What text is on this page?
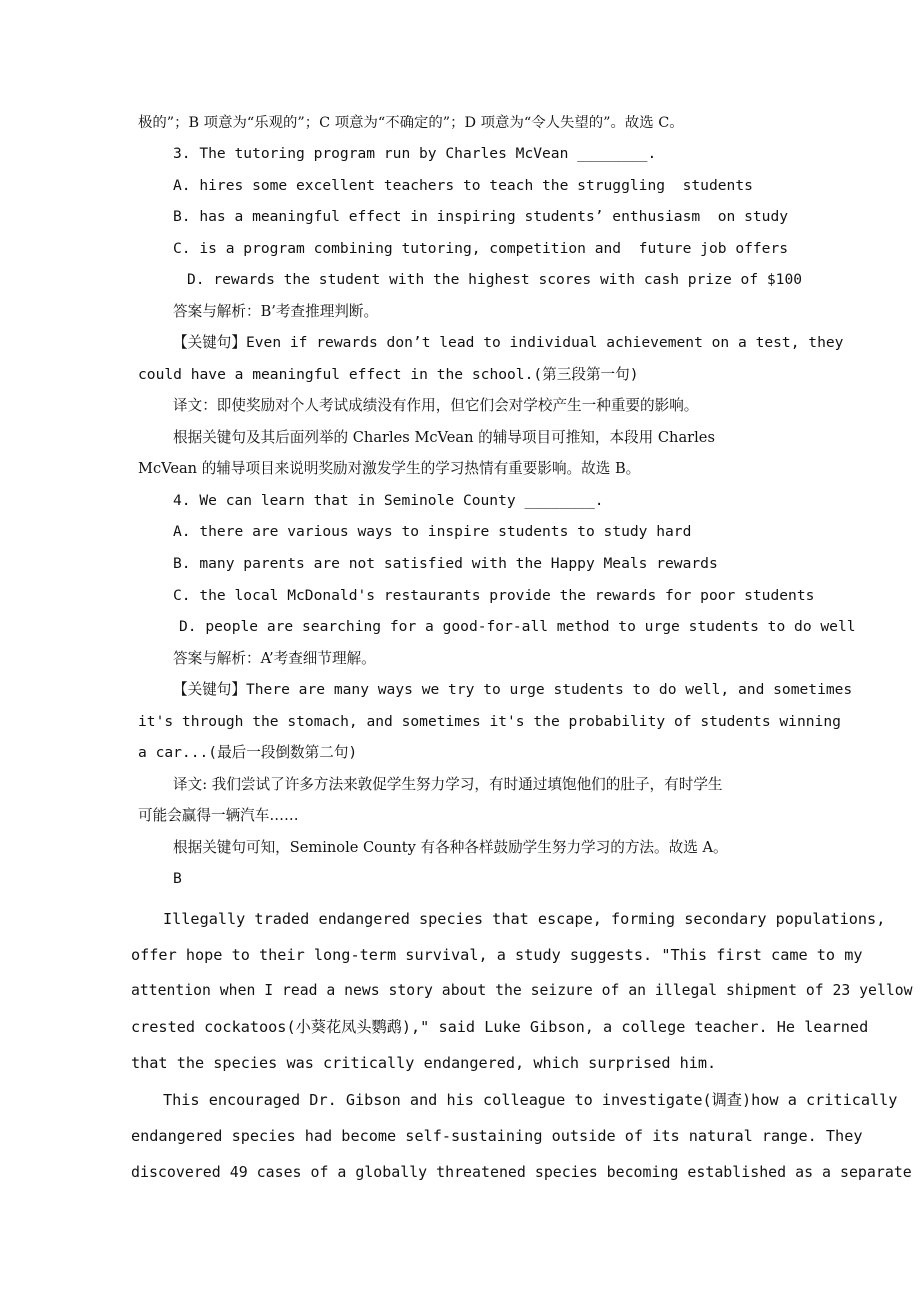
极的”；B 项意为“乐观的”；C 项意为“不确定的”；D 项意为“令人失望的”。故选 C。
3. The tutoring program run by Charles McVean ________.
A. hires some excellent teachers to teach the struggling  students
B. has a meaningful effect in inspiring students’ enthusiasm  on study
C. is a program combining tutoring, competition and  future job offers
D. rewards the student with the highest scores with cash prize of $100
答案与解析：B’考查推理判断。
【关键句】Even if rewards don’t lead to individual achievement on a test, they
could have a meaningful effect in the school.(第三段第一句)
译文：即使奖励对个人考试成绩没有作用，但它们会对学校产生一种重要的影响。
根据关键句及其后面列举的 Charles McVean 的辅导项目可推知，本段用 Charles
McVean 的辅导项目来说明奖励对激发学生的学习热情有重要影响。故选 B。
4. We can learn that in Seminole County ________.
A. there are various ways to inspire students to study hard
B. many parents are not satisfied with the Happy Meals rewards
C. the local McDonald's restaurants provide the rewards for poor students
D. people are searching for a good-for-all method to urge students to do well
答案与解析：A’考查细节理解。
【关键句】There are many ways we try to urge students to do well, and sometimes
it's through the stomach, and sometimes it's the probability of students winning
a car...(最后一段倒数第二句)
译文: 我们尝试了许多方法来敦促学生努力学习，有时通过填饱他们的肚子，有时学生
可能会赢得一辆汽车……
根据关键句可知，Seminole County 有各种各样鼓励学生努力学习的方法。故选 A。
B
Illegally traded endangered species that escape, forming secondary populations,
offer hope to their long-term survival, a study suggests. "This first came to my
attention when I read a news story about the seizure of an illegal shipment of 23 yellow
crested cockatoos(小葵花凤头鹦鹉)," said Luke Gibson, a college teacher. He learned
that the species was critically endangered, which surprised him.
This encouraged Dr. Gibson and his colleague to investigate(调查)how a critically
endangered species had become self-sustaining outside of its natural range. They
discovered 49 cases of a globally threatened species becoming established as a separate
